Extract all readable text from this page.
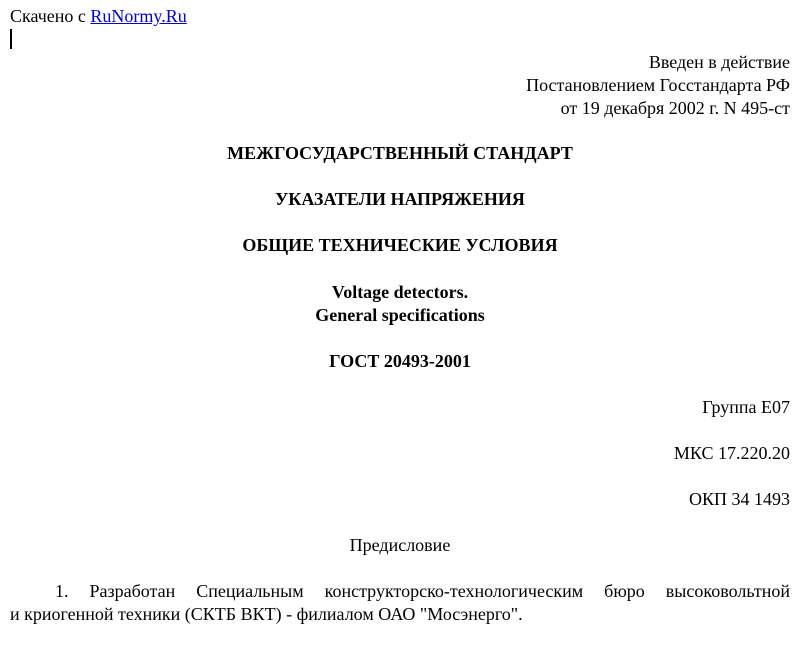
Скачено с RuNormy.Ru
Введен в действие
Постановлением Госстандарта РФ
от 19 декабря 2002 г. N 495-ст
МЕЖГОСУДАРСТВЕННЫЙ СТАНДАРТ
УКАЗАТЕЛИ НАПРЯЖЕНИЯ
ОБЩИЕ ТЕХНИЧЕСКИЕ УСЛОВИЯ
Voltage detectors.
General specifications
ГОСТ 20493-2001
Группа Е07
МКС 17.220.20
ОКП 34 1493
Предисловие
1. Разработан Специальным конструкторско-технологическим бюро высоковольтной
и криогенной техники (СКТБ ВКТ) - филиалом ОАО "Мосэнерго".
